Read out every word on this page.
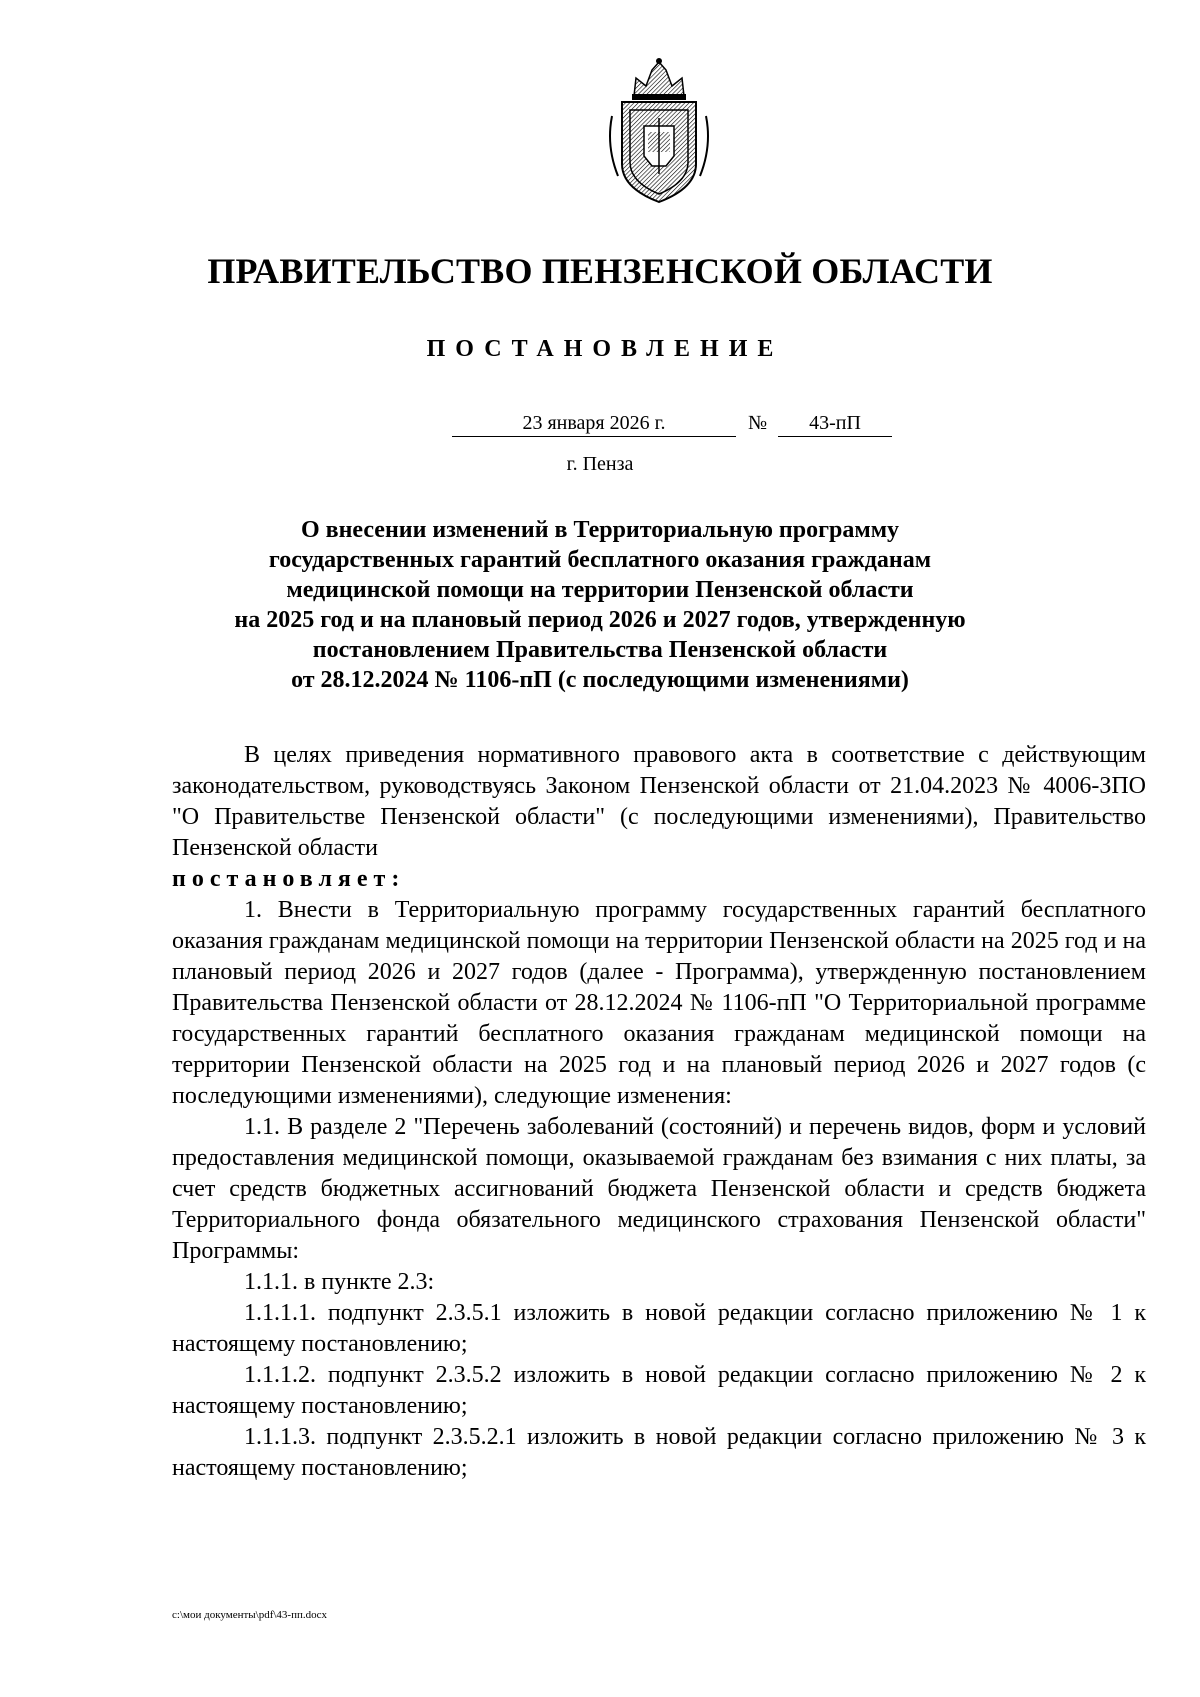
ПРАВИТЕЛЬСТВО ПЕНЗЕНСКОЙ ОБЛАСТИ
ПОСТАНОВЛЕНИЕ
23 января 2026 г.	№	43-пП
г. Пенза
О внесении изменений в Территориальную программу
государственных гарантий бесплатного оказания гражданам
медицинской помощи на территории Пензенской области
на 2025 год и на плановый период 2026 и 2027 годов, утвержденную
постановлением Правительства Пензенской области
от 28.12.2024 № 1106-пП (с последующими изменениями)

В целях приведения нормативного правового акта в соответствие с действующим законодательством, руководствуясь Законом Пензенской области от 21.04.2023 № 4006-ЗПО "О Правительстве Пензенской области" (с последующими изменениями), Правительство Пензенской области

постановляет:

1. Внести в Территориальную программу государственных гарантий бесплатного оказания гражданам медицинской помощи на территории Пензенской области на 2025 год и на плановый период 2026 и 2027 годов (далее - Программа), утвержденную постановлением Правительства Пензенской области от 28.12.2024 № 1106-пП "О Территориальной программе государственных гарантий бесплатного оказания гражданам медицинской помощи на территории Пензенской области на 2025 год и на плановый период 2026 и 2027 годов (с последующими изменениями), следующие изменения:

1.1. В разделе 2 "Перечень заболеваний (состояний) и перечень видов, форм и условий предоставления медицинской помощи, оказываемой гражданам без взимания с них платы, за счет средств бюджетных ассигнований бюджета Пензенской области и средств бюджета Территориального фонда обязательного медицинского страхования Пензенской области" Программы:

1.1.1. в пункте 2.3:

1.1.1.1. подпункт 2.3.5.1 изложить в новой редакции согласно приложению № 1 к настоящему постановлению;

1.1.1.2. подпункт 2.3.5.2 изложить в новой редакции согласно приложению № 2 к настоящему постановлению;

1.1.1.3. подпункт 2.3.5.2.1 изложить в новой редакции согласно приложению № 3 к настоящему постановлению;

c:\мои документы\pdf\43-пп.docx
